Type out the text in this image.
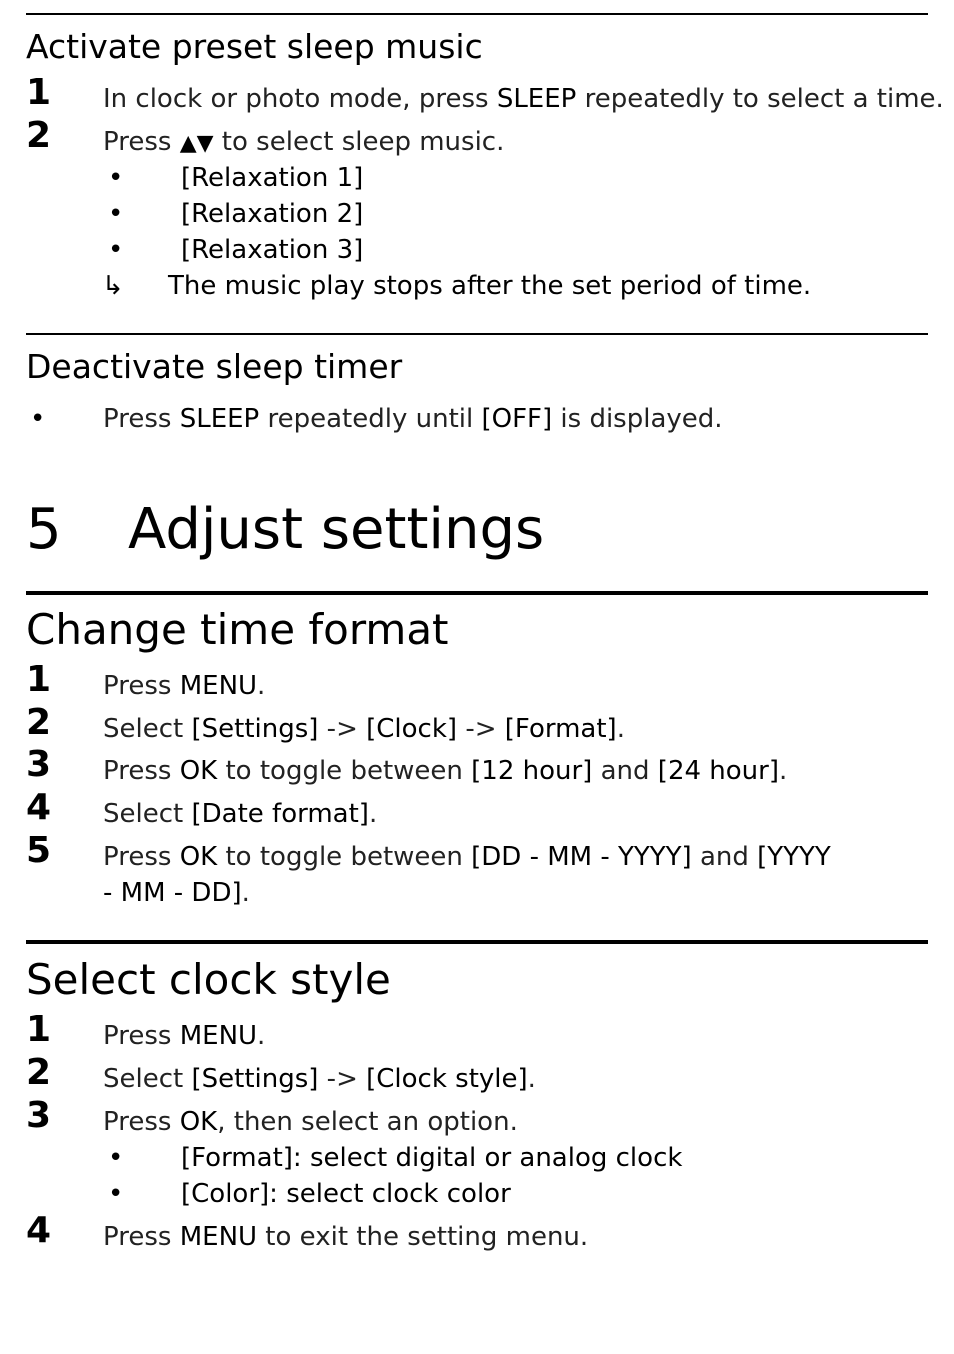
Activate preset sleep music
1 In clock or photo mode, press SLEEP repeatedly to select a time.
2 Press ▲▼ to select sleep music.
• [Relaxation 1]
• [Relaxation 2]
• [Relaxation 3]
↳ The music play stops after the set period of time.
Deactivate sleep timer
• Press SLEEP repeatedly until [OFF] is displayed.
5 Adjust settings
Change time format
1 Press MENU.
2 Select [Settings] -> [Clock] -> [Format].
3 Press OK to toggle between [12 hour] and [24 hour].
4 Select [Date format].
5 Press OK to toggle between [DD - MM - YYYY] and [YYYY
- MM - DD].
Select clock style
1 Press MENU.
2 Select [Settings] -> [Clock style].
3 Press OK, then select an option.
• [Format]: select digital or analog clock
• [Color]: select clock color
4 Press MENU to exit the setting menu.
